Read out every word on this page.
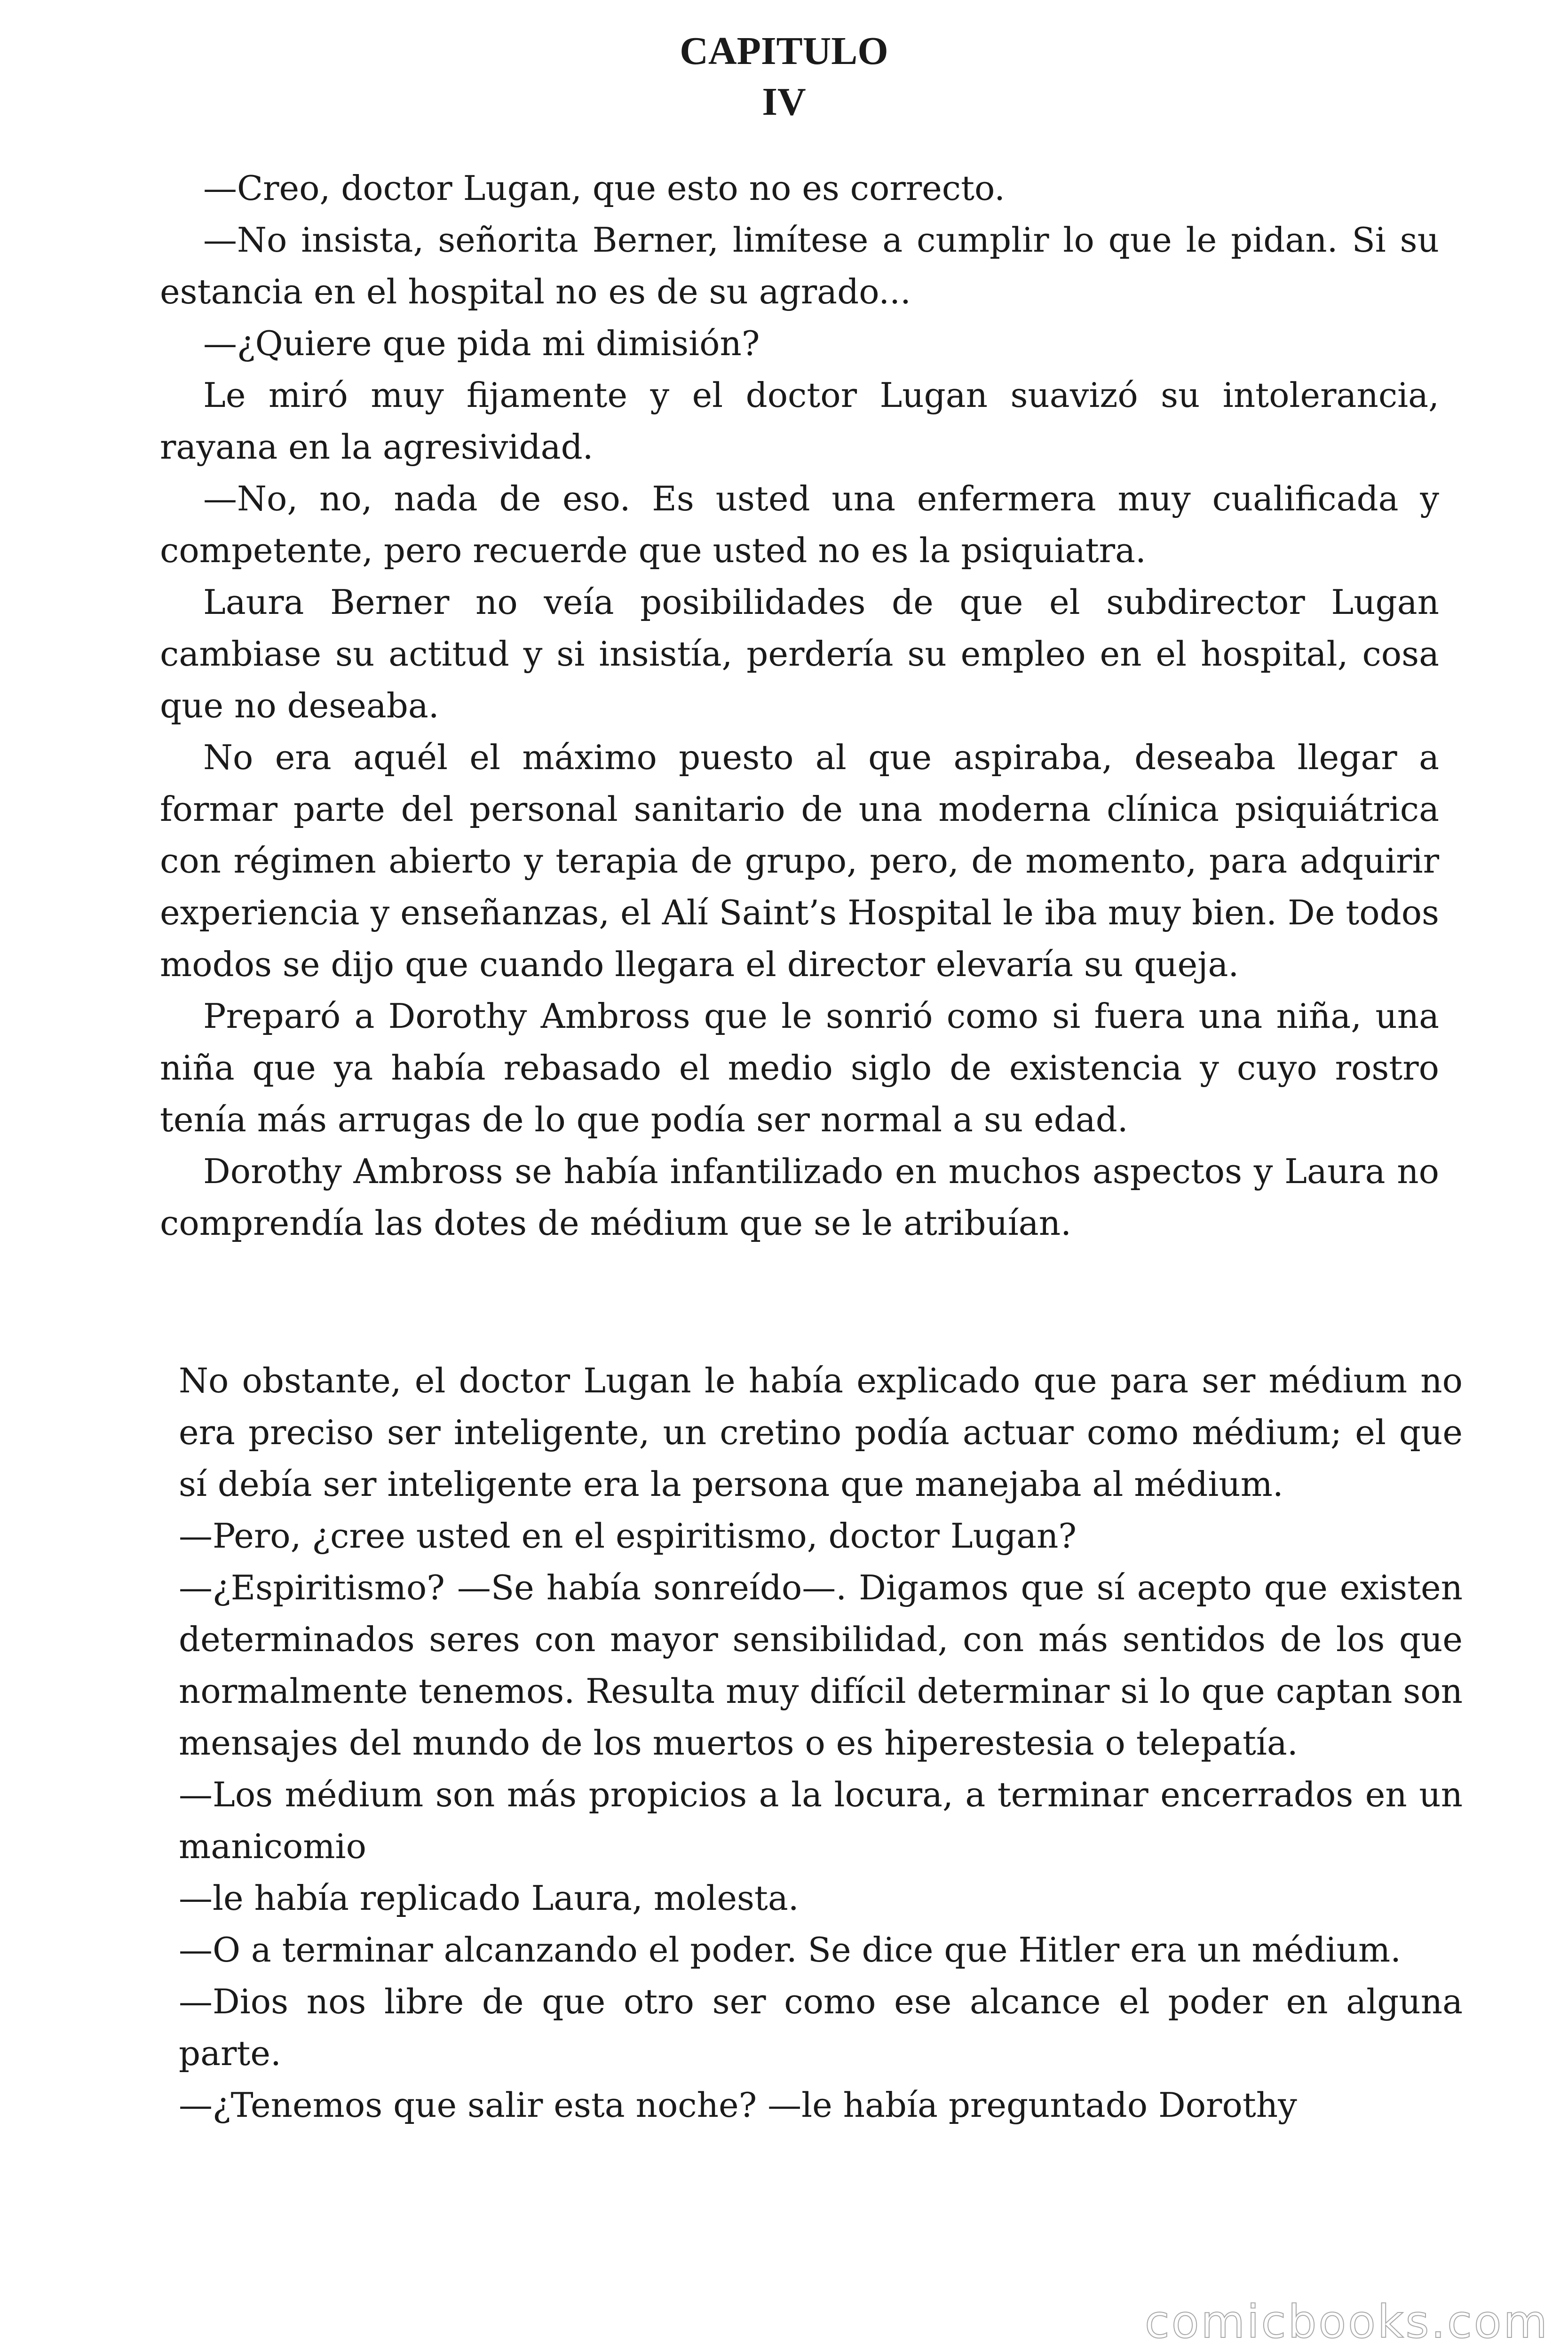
CAPITULO
IV

—Creo, doctor Lugan, que esto no es correcto.

—No insista, señorita Berner, limítese a cumplir lo que le pidan. Si su estancia en el hospital no es de su agrado...

—¿Quiere que pida mi dimisión?

Le miró muy fijamente y el doctor Lugan suavizó su intolerancia, rayana en la agresividad.

—No, no, nada de eso. Es usted una enfermera muy cualificada y competente, pero recuerde que usted no es la psiquiatra.

Laura Berner no veía posibilidades de que el subdirector Lugan cambiase su actitud y si insistía, perdería su empleo en el hospital, cosa que no deseaba.

No era aquél el máximo puesto al que aspiraba, deseaba llegar a formar parte del personal sanitario de una moderna clínica psiquiátrica con régimen abierto y terapia de grupo, pero, de momento, para adquirir experiencia y enseñanzas, el Alí Saint’s Hospital le iba muy bien. De todos modos se dijo que cuando llegara el director elevaría su queja.

Preparó a Dorothy Ambross que le sonrió como si fuera una niña, una niña que ya había rebasado el medio siglo de existencia y cuyo rostro tenía más arrugas de lo que podía ser normal a su edad.

Dorothy Ambross se había infantilizado en muchos aspectos y Laura no comprendía las dotes de médium que se le atribuían.

No obstante, el doctor Lugan le había explicado que para ser médium no era preciso ser inteligente, un cretino podía actuar como médium; el que sí debía ser inteligente era la persona que manejaba al médium.

—Pero, ¿cree usted en el espiritismo, doctor Lugan?

—¿Espiritismo? —Se había sonreído—. Digamos que sí acepto que existen determinados seres con mayor sensibilidad, con más sentidos de los que normalmente tenemos. Resulta muy difícil determinar si lo que captan son mensajes del mundo de los muertos o es hiperestesia o telepatía.

—Los médium son más propicios a la locura, a terminar encerrados en un manicomio

—le había replicado Laura, molesta.

—O a terminar alcanzando el poder. Se dice que Hitler era un médium.

—Dios nos libre de que otro ser como ese alcance el poder en alguna parte.

—¿Tenemos que salir esta noche? —le había preguntado Dorothy

comicbooks.com
